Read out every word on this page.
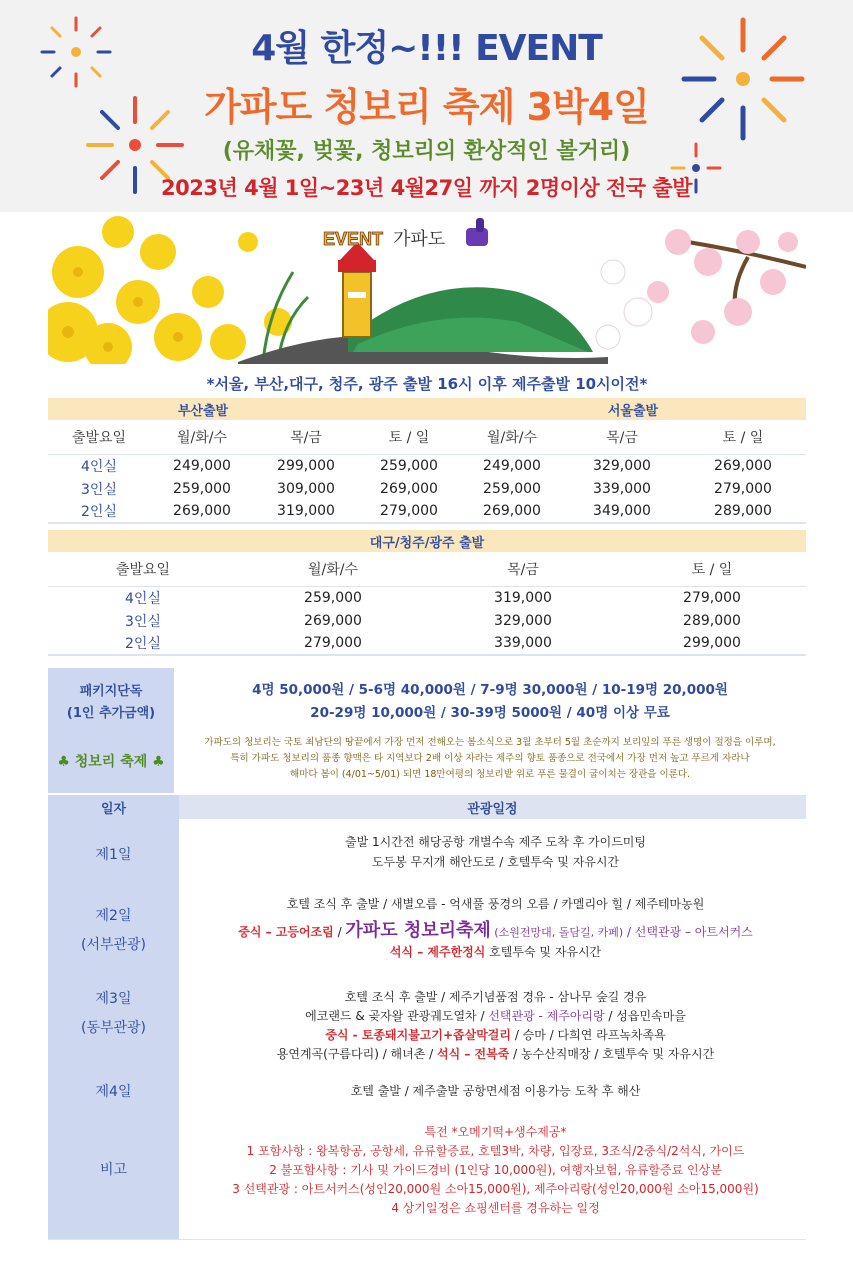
4월 한정~!!! EVENT
가파도 청보리 축제 3박4일
(유채꽃, 벚꽃, 청보리의 환상적인 볼거리)
2023년 4월 1일~23년 4월27일 까지 2명이상 전국 출발
EVENT 가파도
*서울, 부산,대구, 청주, 광주 출발 16시 이후 제주출발 10시이전*
부산출발				서울출발		
출발요일	월/화/수	목/금	토 / 일	월/화/수	목/금	토 / 일
4인실	249,000	299,000	259,000	249,000	329,000	269,000
3인실	259,000	309,000	269,000	259,000	339,000	279,000
2인실	269,000	319,000	279,000	269,000	349,000	289,000
대구/청주/광주 출발			
출발요일	월/화/수	목/금	토 / 일
4인실	259,000	319,000	279,000
3인실	269,000	329,000	289,000
2인실	279,000	339,000	299,000
패키지단독
(1인 추가금액)
♣ 청보리 축제 ♣
4명 50,000원 / 5-6명 40,000원 / 7-9명 30,000원 / 10-19명 20,000원
20-29명 10,000원 / 30-39명 5000원 / 40명 이상 무료
가파도의 청보리는 국토 최남단의 땅끝에서 가장 먼저 전해오는 봄소식으로 3월 초부터 5월 초순까지 보리잎의 푸른 생명이 절정을 이루며,
특히 가파도 청보리의 품종 향맥은 타 지역보다 2배 이상 자라는 제주의 향토 품종으로 전국에서 가장 먼저 높고 푸르게 자라나
해마다 봄이 (4/01~5/01) 되면 18만여평의 청보리밭 위로 푸른 물결이 굽이치는 장관을 이룬다.
일자	관광일정
제1일
출발 1시간전 해당공항 개별수속 제주 도착 후 가이드미팅
도두봉 무지개 해안도로 / 호텔투숙 및 자유시간
제2일
(서부관광)
호텔 조식 후 출발 / 새별오름 - 억새풀 풍경의 오름 / 카멜리아 힐 / 제주테마농원
중식 – 고등어조림 / 가파도 청보리축제 (소원전망대, 돌담길, 카페) / 선택관광 – 아트서커스
석식 – 제주한정식 호텔투숙 및 자유시간
제3일
(동부관광)
호텔 조식 후 출발 / 제주기념품점 경유 - 삼나무 숲길 경유
에코랜드 & 곶자왈 관광궤도열차 / 선택관광 - 제주아리랑 / 성읍민속마을
중식 - 토종돼지불고기+좁살막걸리 / 승마 / 다희연 라프녹차족욕
용연계곡(구름다리) / 해녀촌 / 석식 – 전복죽 / 농수산직매장 / 호텔투숙 및 자유시간
제4일	호텔 출발 / 제주출발 공항면세점 이용가능 도착 후 해산
비고
특전 *오메기떡+생수제공*
1 포함사항 : 왕복항공, 공항세, 유류할증료, 호텔3박, 차량, 입장료, 3조식/2중식/2석식, 가이드
2 불포함사항 : 기사 및 가이드경비 (1인당 10,000원), 여행자보험, 유류할증료 인상분
3 선택관광 : 아트서커스(성인20,000원 소아15,000원), 제주아리랑(성인20,000원 소아15,000원)
4 상기일정은 쇼핑센터를 경유하는 일정
